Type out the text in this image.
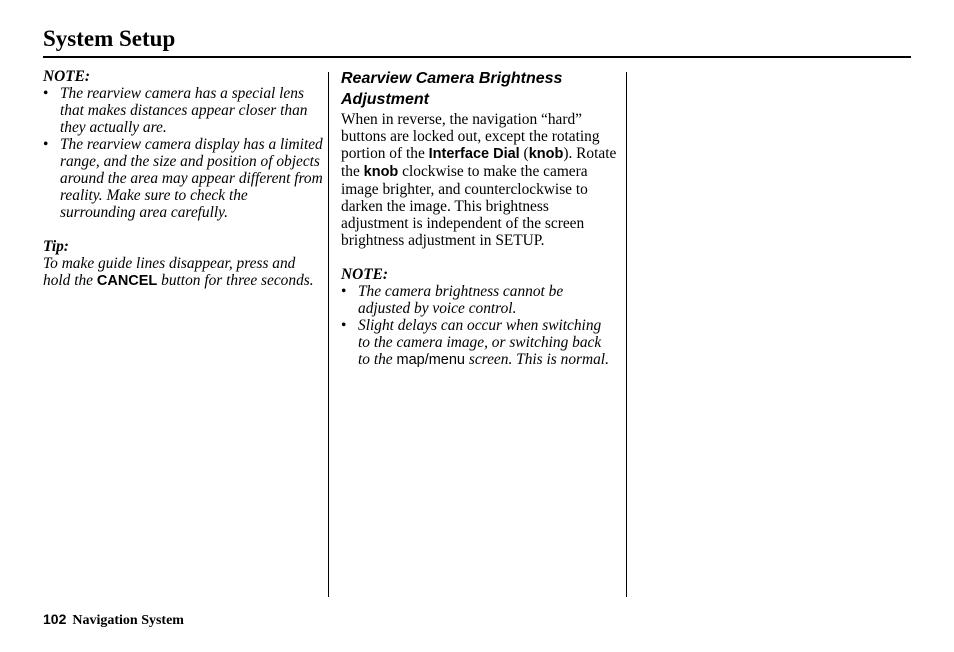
System Setup
NOTE:
• The rearview camera has a special lens that makes distances appear closer than they actually are.
• The rearview camera display has a limited range, and the size and position of objects around the area may appear different from reality. Make sure to check the surrounding area carefully.
Tip:
To make guide lines disappear, press and hold the CANCEL button for three seconds.
Rearview Camera Brightness Adjustment
When in reverse, the navigation “hard” buttons are locked out, except the rotating portion of the Interface Dial (knob). Rotate the knob clockwise to make the camera image brighter, and counterclockwise to darken the image. This brightness adjustment is independent of the screen brightness adjustment in SETUP.
NOTE:
• The camera brightness cannot be adjusted by voice control.
• Slight delays can occur when switching to the camera image, or switching back to the map/menu screen. This is normal.
102 Navigation System
